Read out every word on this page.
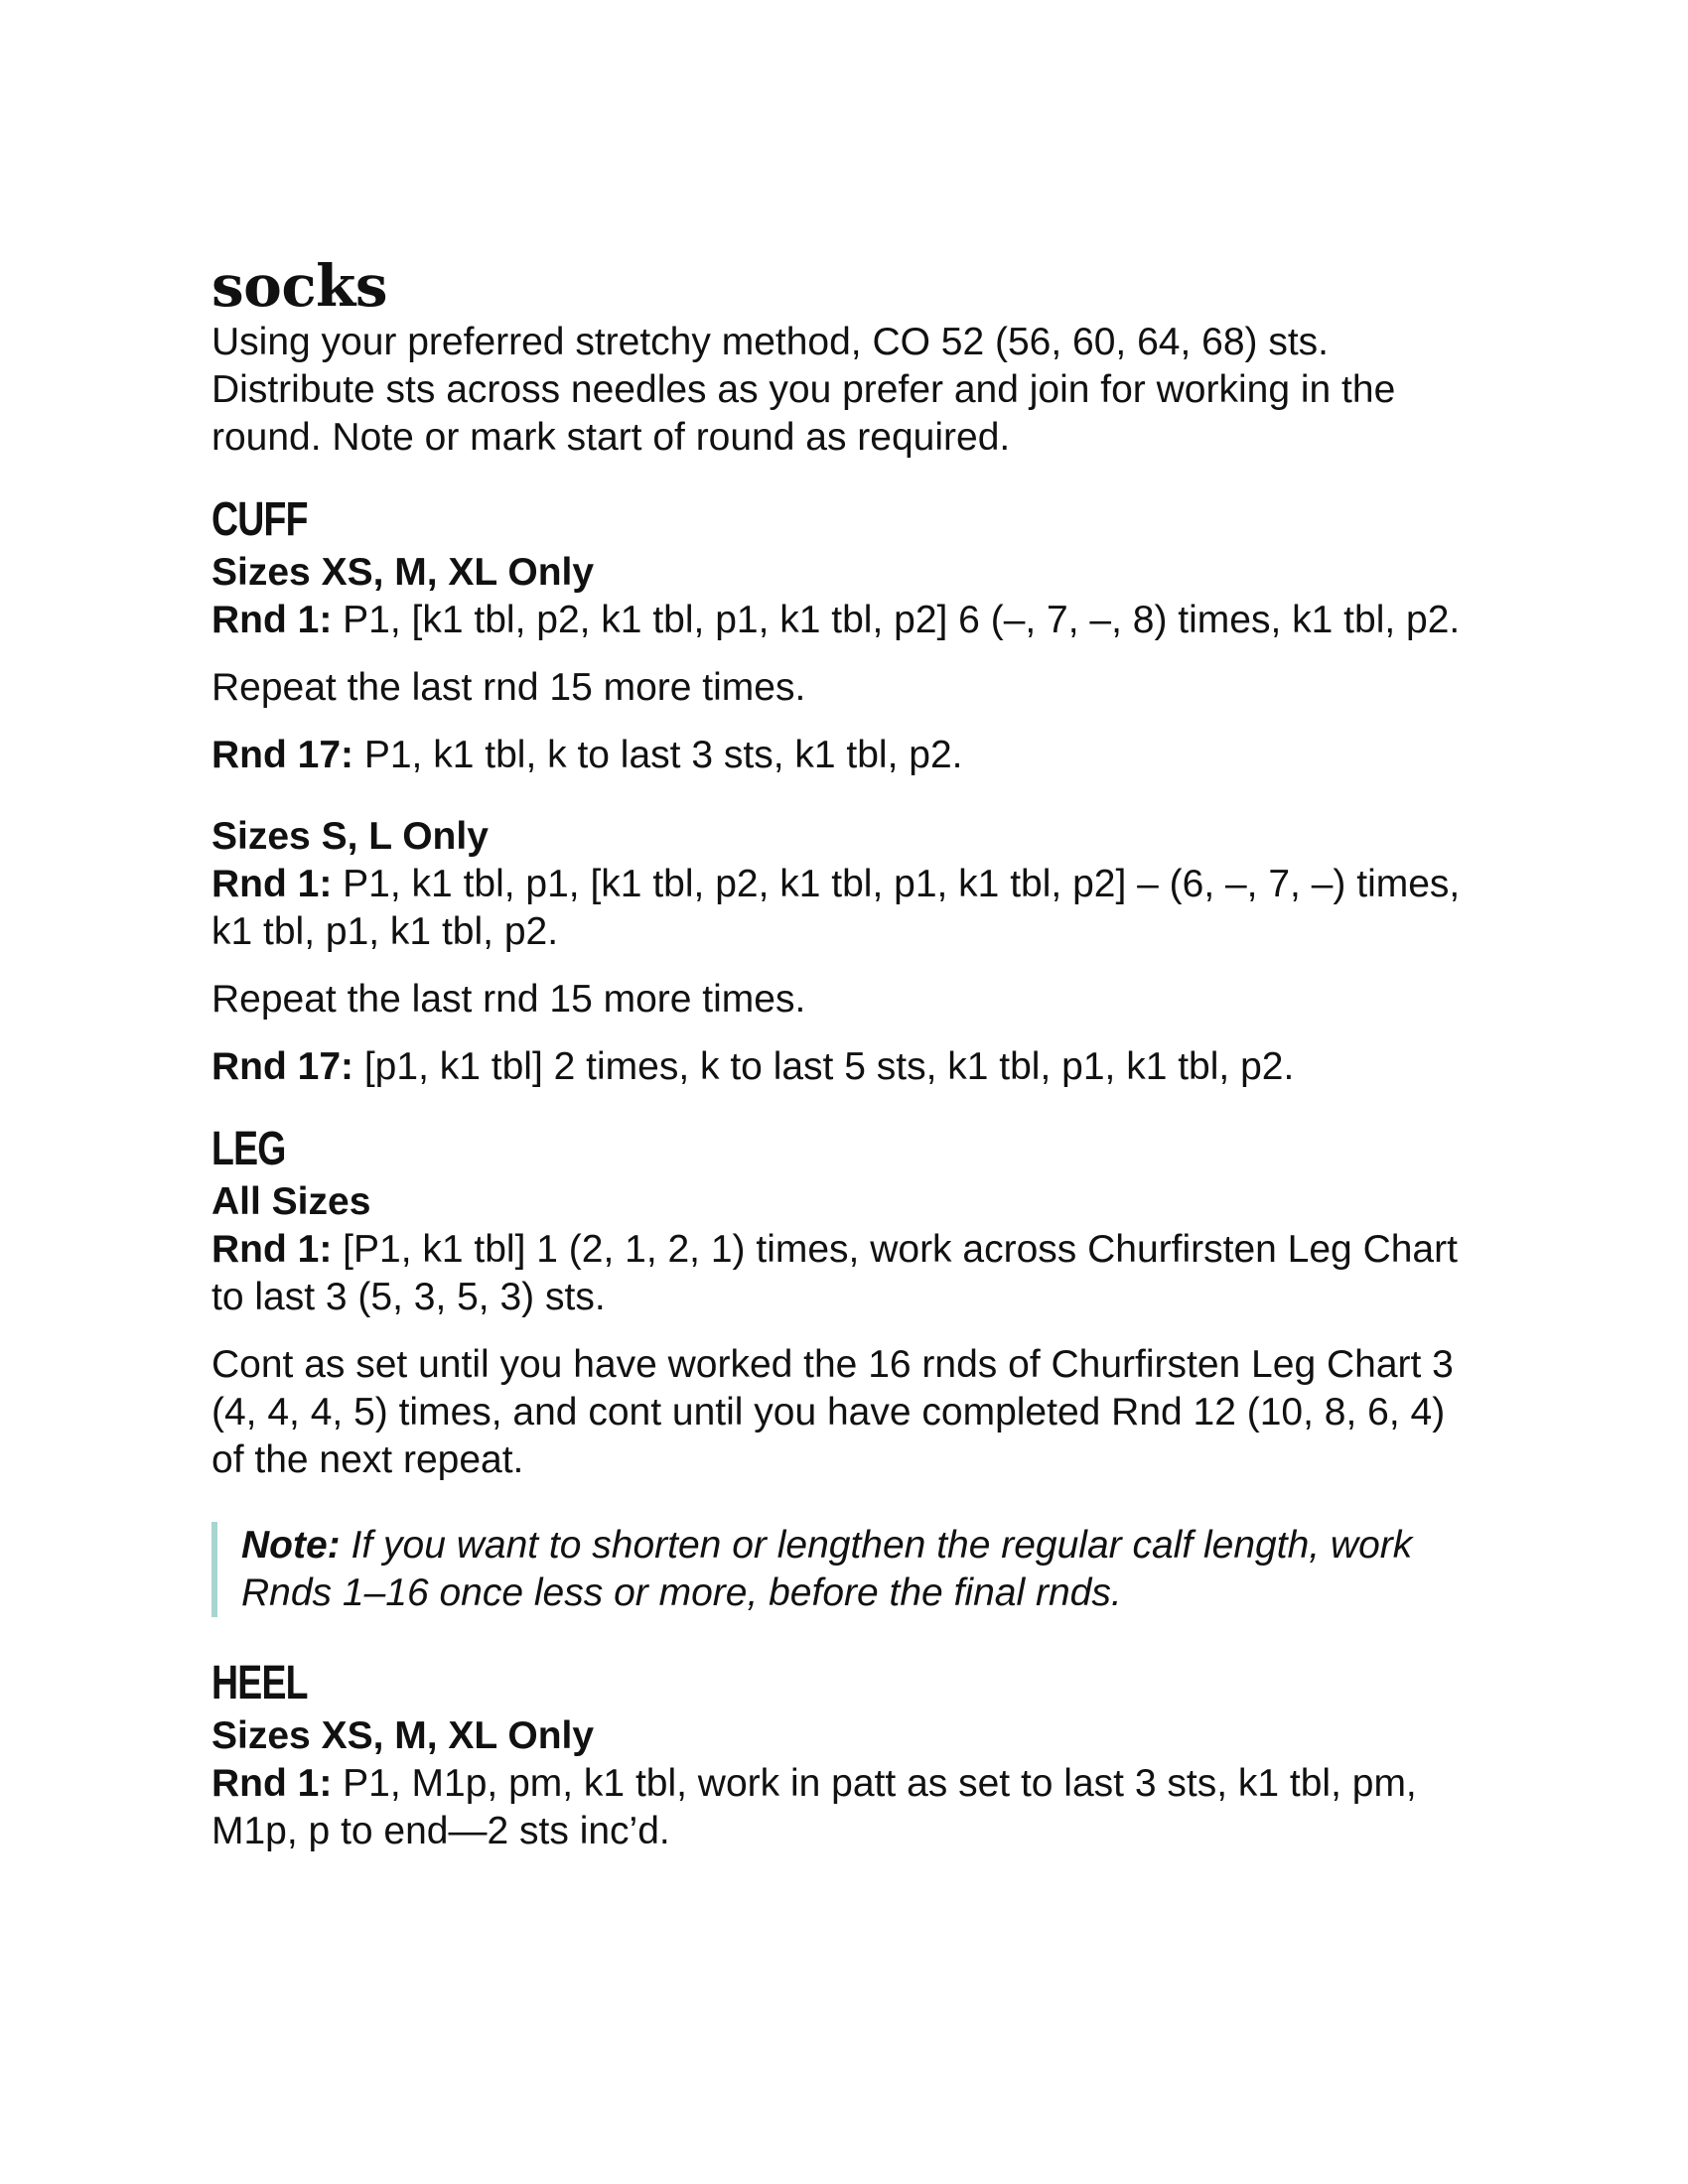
socks

Using your preferred stretchy method, CO 52 (56, 60, 64, 68) sts. Distribute sts across needles as you prefer and join for working in the round. Note or mark start of round as required.

CUFF
Sizes XS, M, XL Only

Rnd 1: P1, [k1 tbl, p2, k1 tbl, p1, k1 tbl, p2] 6 (–, 7, –, 8) times, k1 tbl, p2.

Repeat the last rnd 15 more times.

Rnd 17: P1, k1 tbl, k to last 3 sts, k1 tbl, p2.

Sizes S, L Only

Rnd 1: P1, k1 tbl, p1, [k1 tbl, p2, k1 tbl, p1, k1 tbl, p2] – (6, –, 7, –) times, k1 tbl, p1, k1 tbl, p2.

Repeat the last rnd 15 more times.

Rnd 17: [p1, k1 tbl] 2 times, k to last 5 sts, k1 tbl, p1, k1 tbl, p2.

LEG
All Sizes

Rnd 1: [P1, k1 tbl] 1 (2, 1, 2, 1) times, work across Churfirsten Leg Chart to last 3 (5, 3, 5, 3) sts.

Cont as set until you have worked the 16 rnds of Churfirsten Leg Chart 3 (4, 4, 4, 5) times, and cont until you have completed Rnd 12 (10, 8, 6, 4) of the next repeat.

Note: If you want to shorten or lengthen the regular calf length, work Rnds 1–16 once less or more, before the final rnds.

HEEL
Sizes XS, M, XL Only

Rnd 1: P1, M1p, pm, k1 tbl, work in patt as set to last 3 sts, k1 tbl, pm, M1p, p to end—2 sts inc’d.
